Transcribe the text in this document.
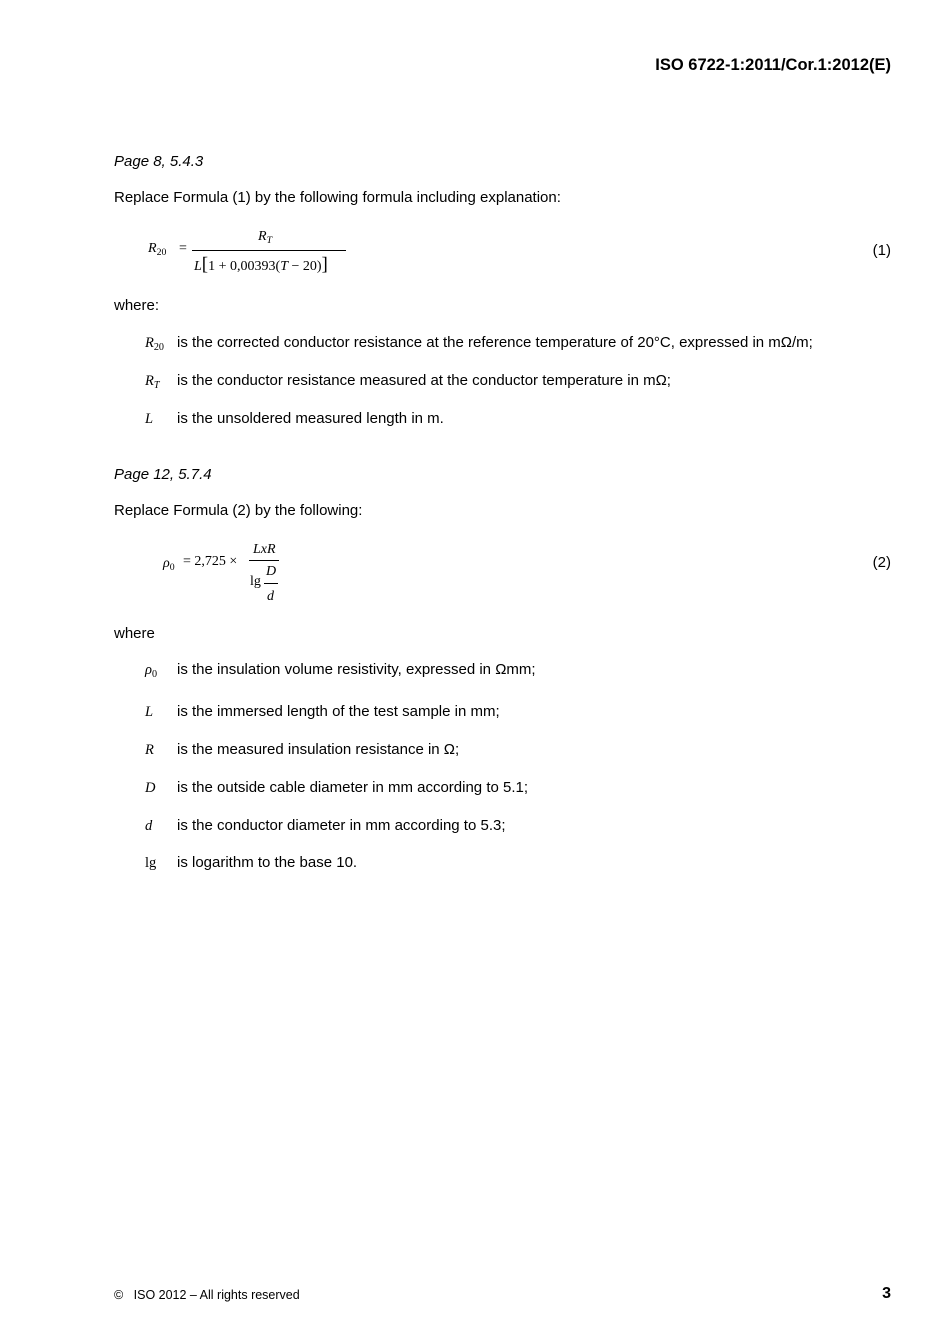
ISO 6722-1:2011/Cor.1:2012(E)
Page 8, 5.4.3
Replace Formula (1) by the following formula including explanation:
$R_{20}$ =
$R_T$
L[1 + 0,00393(T − 20)]
(1)
where:
$R_{20}$ is the corrected conductor resistance at the reference temperature of 20°C, expressed in mΩ/m;
$R_T$ is the conductor resistance measured at the conductor temperature in mΩ;
L is the unsoldered measured length in m.
Page 12, 5.7.4
Replace Formula (2) by the following:
$\rho_0 = 2,725$ ×
LxR
lg
D
d
(2)
where
$\rho_0$ is the insulation volume resistivity, expressed in Ωmm;
L is the immersed length of the test sample in mm;
R is the measured insulation resistance in Ω;
D is the outside cable diameter in mm according to 5.1;
d is the conductor diameter in mm according to 5.3;
lg is logarithm to the base 10.
© ISO 2012 – All rights reserved	3
